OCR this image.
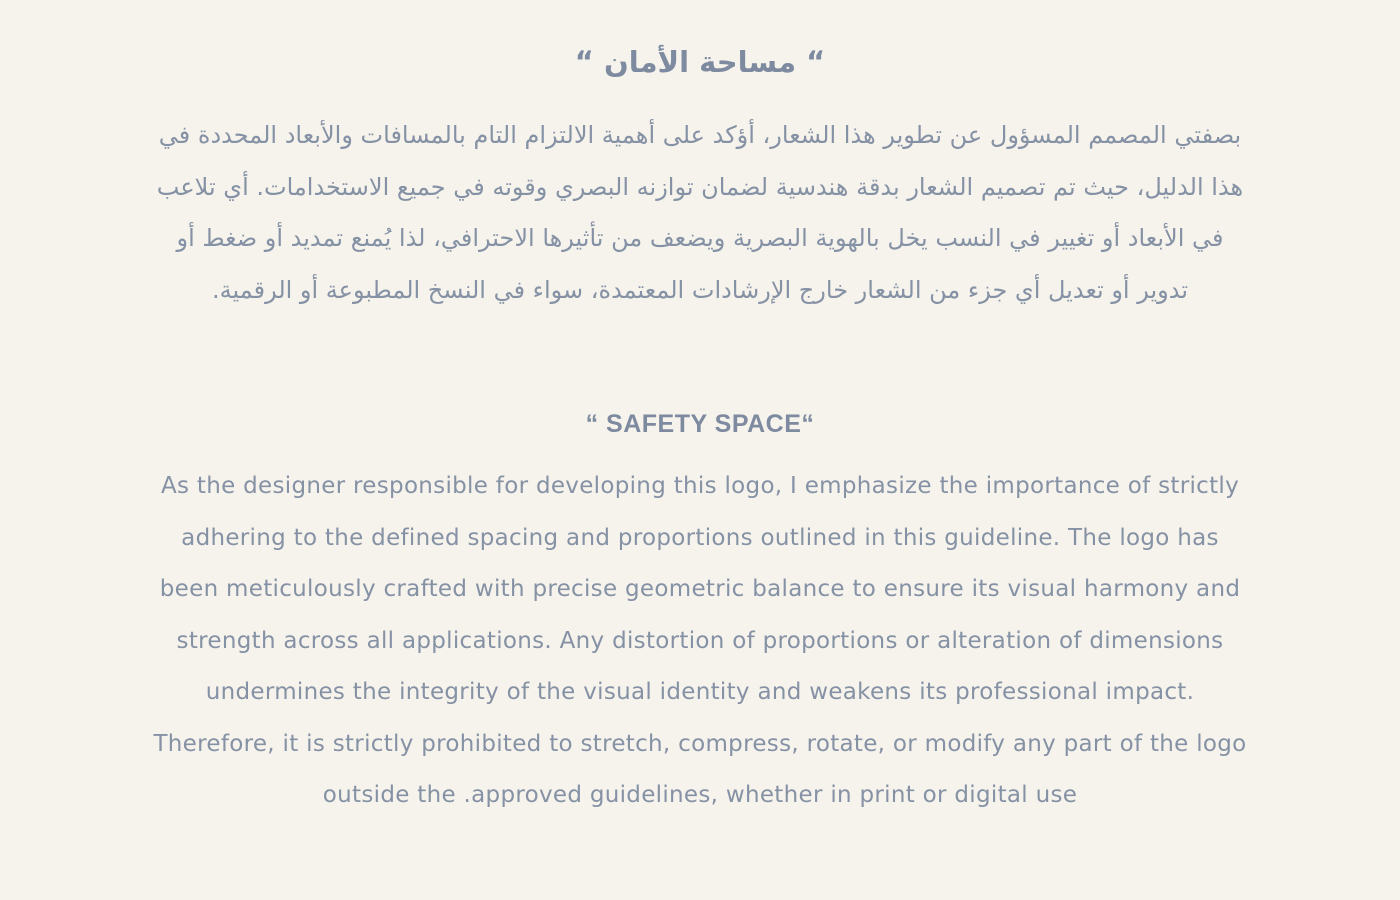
“ مساحة الأمان “

بصفتي المصمم المسؤول عن تطوير هذا الشعار، أؤكد على أهمية الالتزام التام بالمسافات والأبعاد المحددة في هذا الدليل، حيث تم تصميم الشعار بدقة هندسية لضمان توازنه البصري وقوته في جميع الاستخدامات. أي تلاعب في الأبعاد أو تغيير في النسب يخل بالهوية البصرية ويضعف من تأثيرها الاحترافي، لذا يُمنع تمديد أو ضغط أو تدوير أو تعديل أي جزء من الشعار خارج الإرشادات المعتمدة، سواء في النسخ المطبوعة أو الرقمية.

“ SAFETY SPACE“

As the designer responsible for developing this logo, I emphasize the importance of strictly adhering to the defined spacing and proportions outlined in this guideline. The logo has been meticulously crafted with precise geometric balance to ensure its visual harmony and strength across all applications. Any distortion of proportions or alteration of dimensions undermines the integrity of the visual identity and weakens its professional impact. Therefore, it is strictly prohibited to stretch, compress, rotate, or modify any part of the logo outside the .approved guidelines, whether in print or digital use
